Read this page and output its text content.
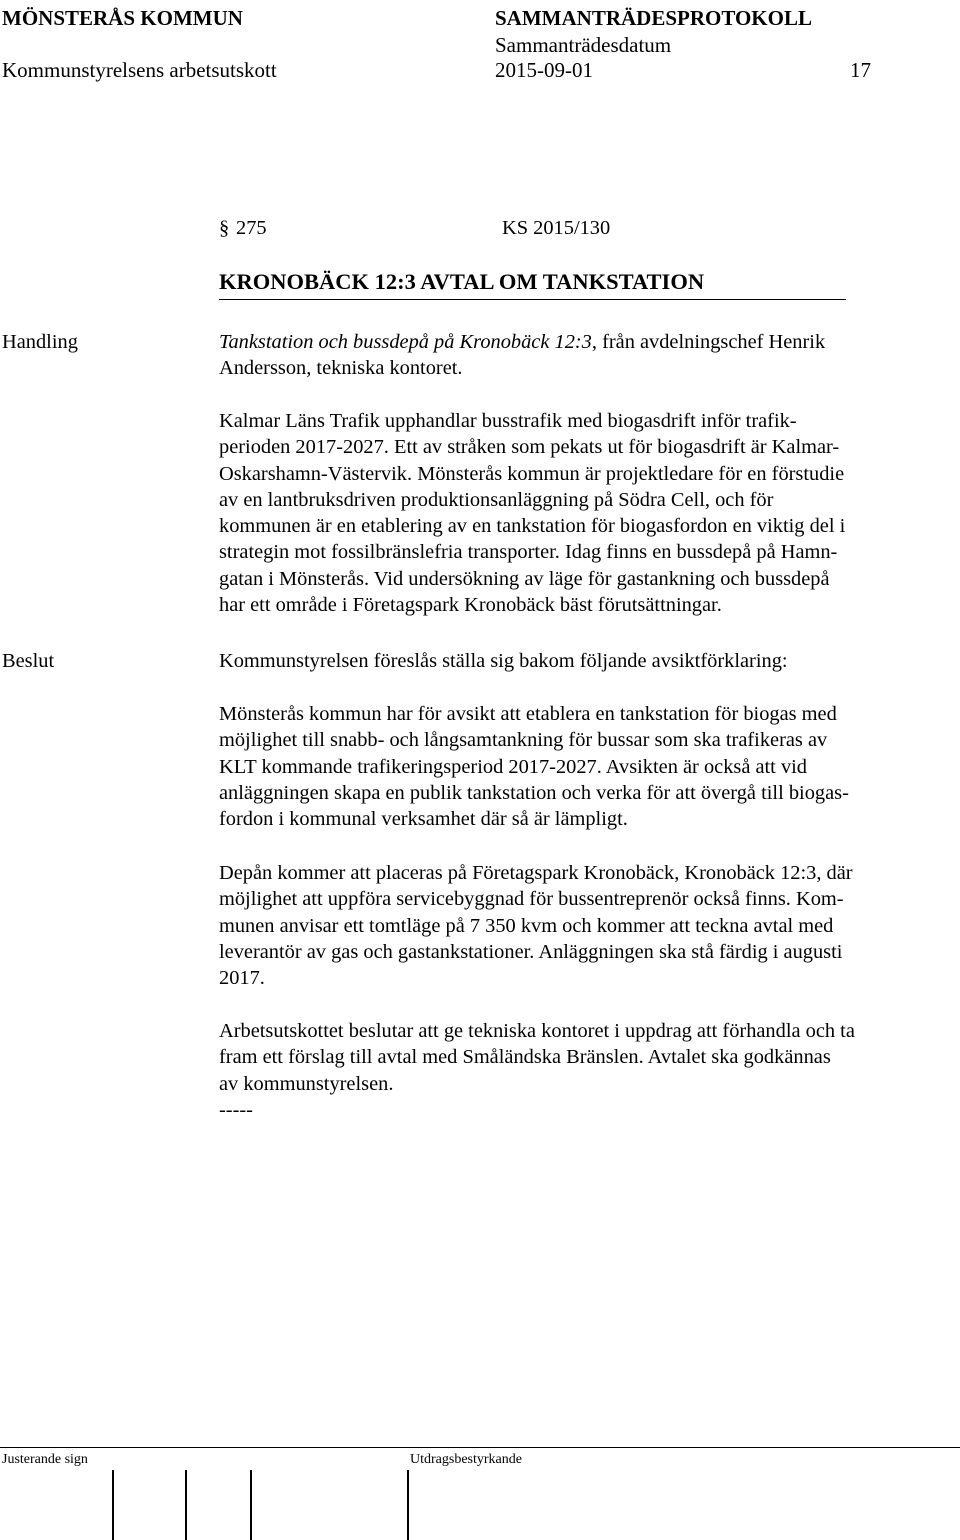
MÖNSTERÅS KOMMUN	SAMMANTRÄDESPROTOKOLL
Sammanträdesdatum
Kommunstyrelsens arbetsutskott	2015-09-01	17
§ 275	KS 2015/130
KRONOBÄCK 12:3 AVTAL OM TANKSTATION
Handling	Tankstation och bussdepå på Kronobäck 12:3, från avdelningschef Henrik
Andersson, tekniska kontoret.
Kalmar Läns Trafik upphandlar busstrafik med biogasdrift inför trafik-
perioden 2017-2027. Ett av stråken som pekats ut för biogasdrift är Kalmar-
Oskarshamn-Västervik. Mönsterås kommun är projektledare för en förstudie
av en lantbruksdriven produktionsanläggning på Södra Cell, och för
kommunen är en etablering av en tankstation för biogasfordon en viktig del i
strategin mot fossilbränslefria transporter. Idag finns en bussdepå på Hamn-
gatan i Mönsterås. Vid undersökning av läge för gastankning och bussdepå
har ett område i Företagspark Kronobäck bäst förutsättningar.
Beslut	Kommunstyrelsen föreslås ställa sig bakom följande avsiktförklaring:
Mönsterås kommun har för avsikt att etablera en tankstation för biogas med
möjlighet till snabb- och långsamtankning för bussar som ska trafikeras av
KLT kommande trafikeringsperiod 2017-2027. Avsikten är också att vid
anläggningen skapa en publik tankstation och verka för att övergå till biogas-
fordon i kommunal verksamhet där så är lämpligt.
Depån kommer att placeras på Företagspark Kronobäck, Kronobäck 12:3, där
möjlighet att uppföra servicebyggnad för bussentreprenör också finns. Kom-
munen anvisar ett tomtläge på 7 350 kvm och kommer att teckna avtal med
leverantör av gas och gastankstationer. Anläggningen ska stå färdig i augusti
2017.
Arbetsutskottet beslutar att ge tekniska kontoret i uppdrag att förhandla och ta
fram ett förslag till avtal med Småländska Bränslen. Avtalet ska godkännas
av kommunstyrelsen.
-----
Justerande sign	Utdragsbestyrkande
